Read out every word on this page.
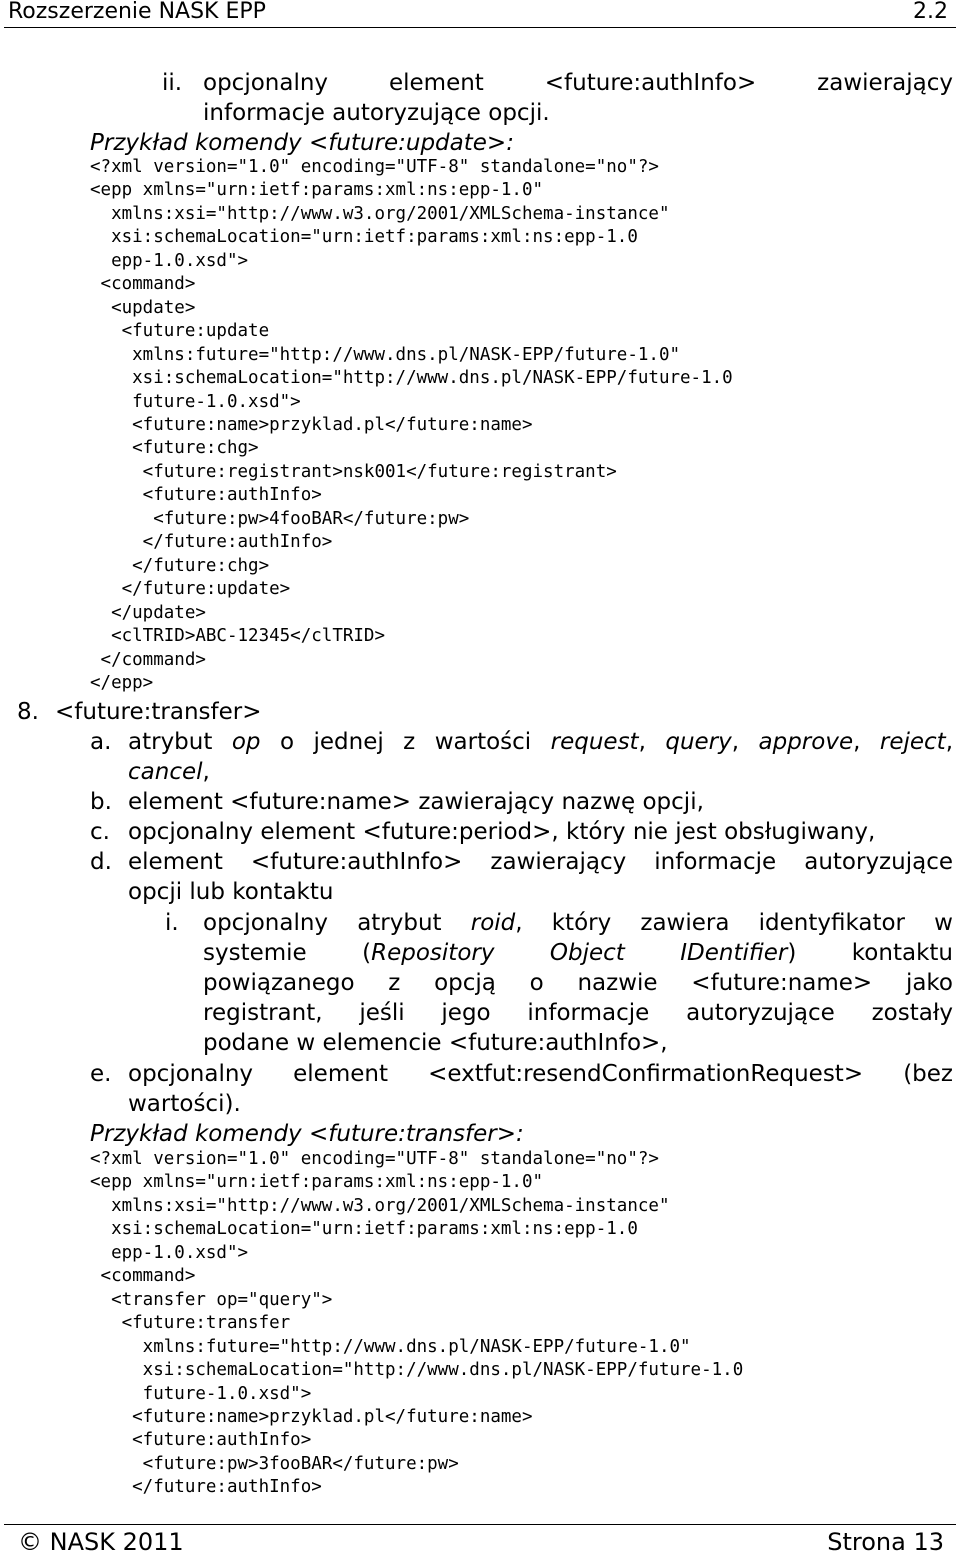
Rozszerzenie NASK EPP	2.2
ii. opcjonalny element <future:authInfo> zawierający
informacje autoryzujące opcji.
Przykład komendy <future:update>:
<?xml version="1.0" encoding="UTF-8" standalone="no"?>
<epp xmlns="urn:ietf:params:xml:ns:epp-1.0"
xmlns:xsi="http://www.w3.org/2001/XMLSchema-instance"
xsi:schemaLocation="urn:ietf:params:xml:ns:epp-1.0
epp-1.0.xsd">
<command>
<update>
<future:update
xmlns:future="http://www.dns.pl/NASK-EPP/future-1.0"
xsi:schemaLocation="http://www.dns.pl/NASK-EPP/future-1.0
future-1.0.xsd">
<future:name>przyklad.pl</future:name>
<future:chg>
<future:registrant>nsk001</future:registrant>
<future:authInfo>
<future:pw>4fooBAR</future:pw>
</future:authInfo>
</future:chg>
</future:update>
</update>
<clTRID>ABC-12345</clTRID>
</command>
</epp>
8. <future:transfer>
a. atrybut op o jednej z wartości request, query, approve, reject,
cancel,
b. element <future:name> zawierający nazwę opcji,
c. opcjonalny element <future:period>, który nie jest obsługiwany,
d. element <future:authInfo> zawierający informacje autoryzujące
opcji lub kontaktu
i. opcjonalny atrybut roid, który zawiera identyfikator w
systemie (Repository Object IDentifier) kontaktu
powiązanego z opcją o nazwie <future:name> jako
registrant, jeśli jego informacje autoryzujące zostały
podane w elemencie <future:authInfo>,
e. opcjonalny element <extfut:resendConfirmationRequest> (bez
wartości).
Przykład komendy <future:transfer>:
<?xml version="1.0" encoding="UTF-8" standalone="no"?>
<epp xmlns="urn:ietf:params:xml:ns:epp-1.0"
xmlns:xsi="http://www.w3.org/2001/XMLSchema-instance"
xsi:schemaLocation="urn:ietf:params:xml:ns:epp-1.0
epp-1.0.xsd">
<command>
<transfer op="query">
<future:transfer
xmlns:future="http://www.dns.pl/NASK-EPP/future-1.0"
xsi:schemaLocation="http://www.dns.pl/NASK-EPP/future-1.0
future-1.0.xsd">
<future:name>przyklad.pl</future:name>
<future:authInfo>
<future:pw>3fooBAR</future:pw>
</future:authInfo>
© NASK 2011	Strona 13
